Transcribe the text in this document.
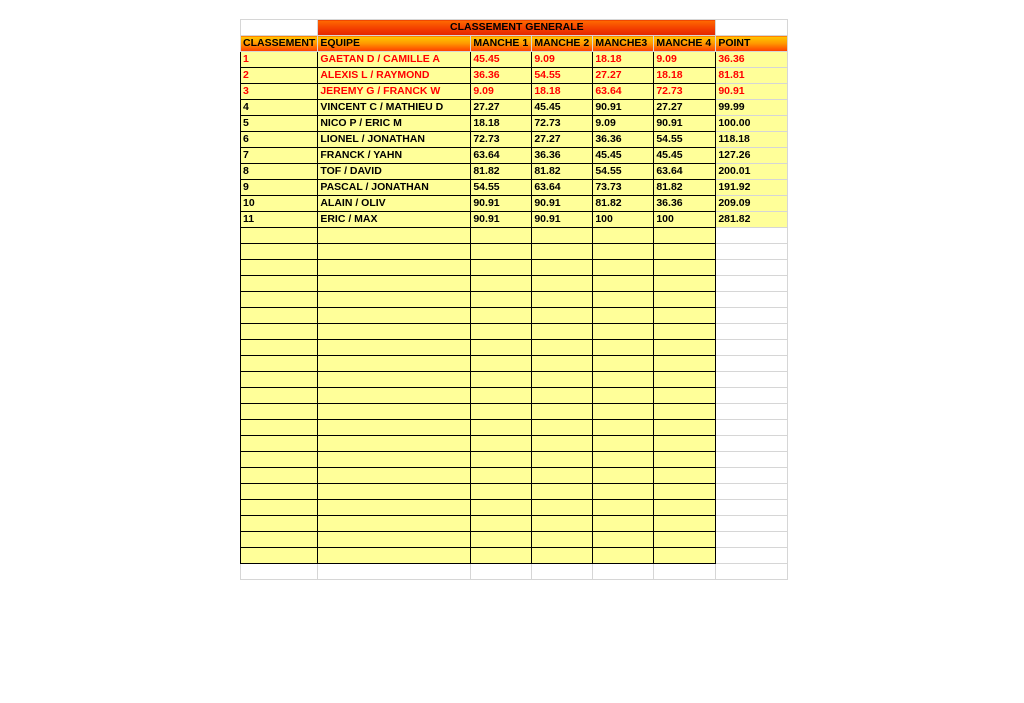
	CLASSEMENT GENERALE					
CLASSEMENT	EQUIPE	MANCHE 1	MANCHE 2	MANCHE3	MANCHE 4	POINT
1	GAETAN D / CAMILLE A	45.45	9.09	18.18	9.09	36.36
2	ALEXIS L / RAYMOND	36.36	54.55	27.27	18.18	81.81
3	JEREMY G / FRANCK W	9.09	18.18	63.64	72.73	90.91
4	VINCENT C / MATHIEU D	27.27	45.45	90.91	27.27	99.99
5	NICO P / ERIC M	18.18	72.73	9.09	90.91	100.00
6	LIONEL / JONATHAN	72.73	27.27	36.36	54.55	118.18
7	FRANCK / YAHN	63.64	36.36	45.45	45.45	127.26
8	TOF / DAVID	81.82	81.82	54.55	63.64	200.01
9	PASCAL / JONATHAN	54.55	63.64	73.73	81.82	191.92
10	ALAIN / OLIV	90.91	90.91	81.82	36.36	209.09
11	ERIC / MAX	90.91	90.91	100	100	281.82
